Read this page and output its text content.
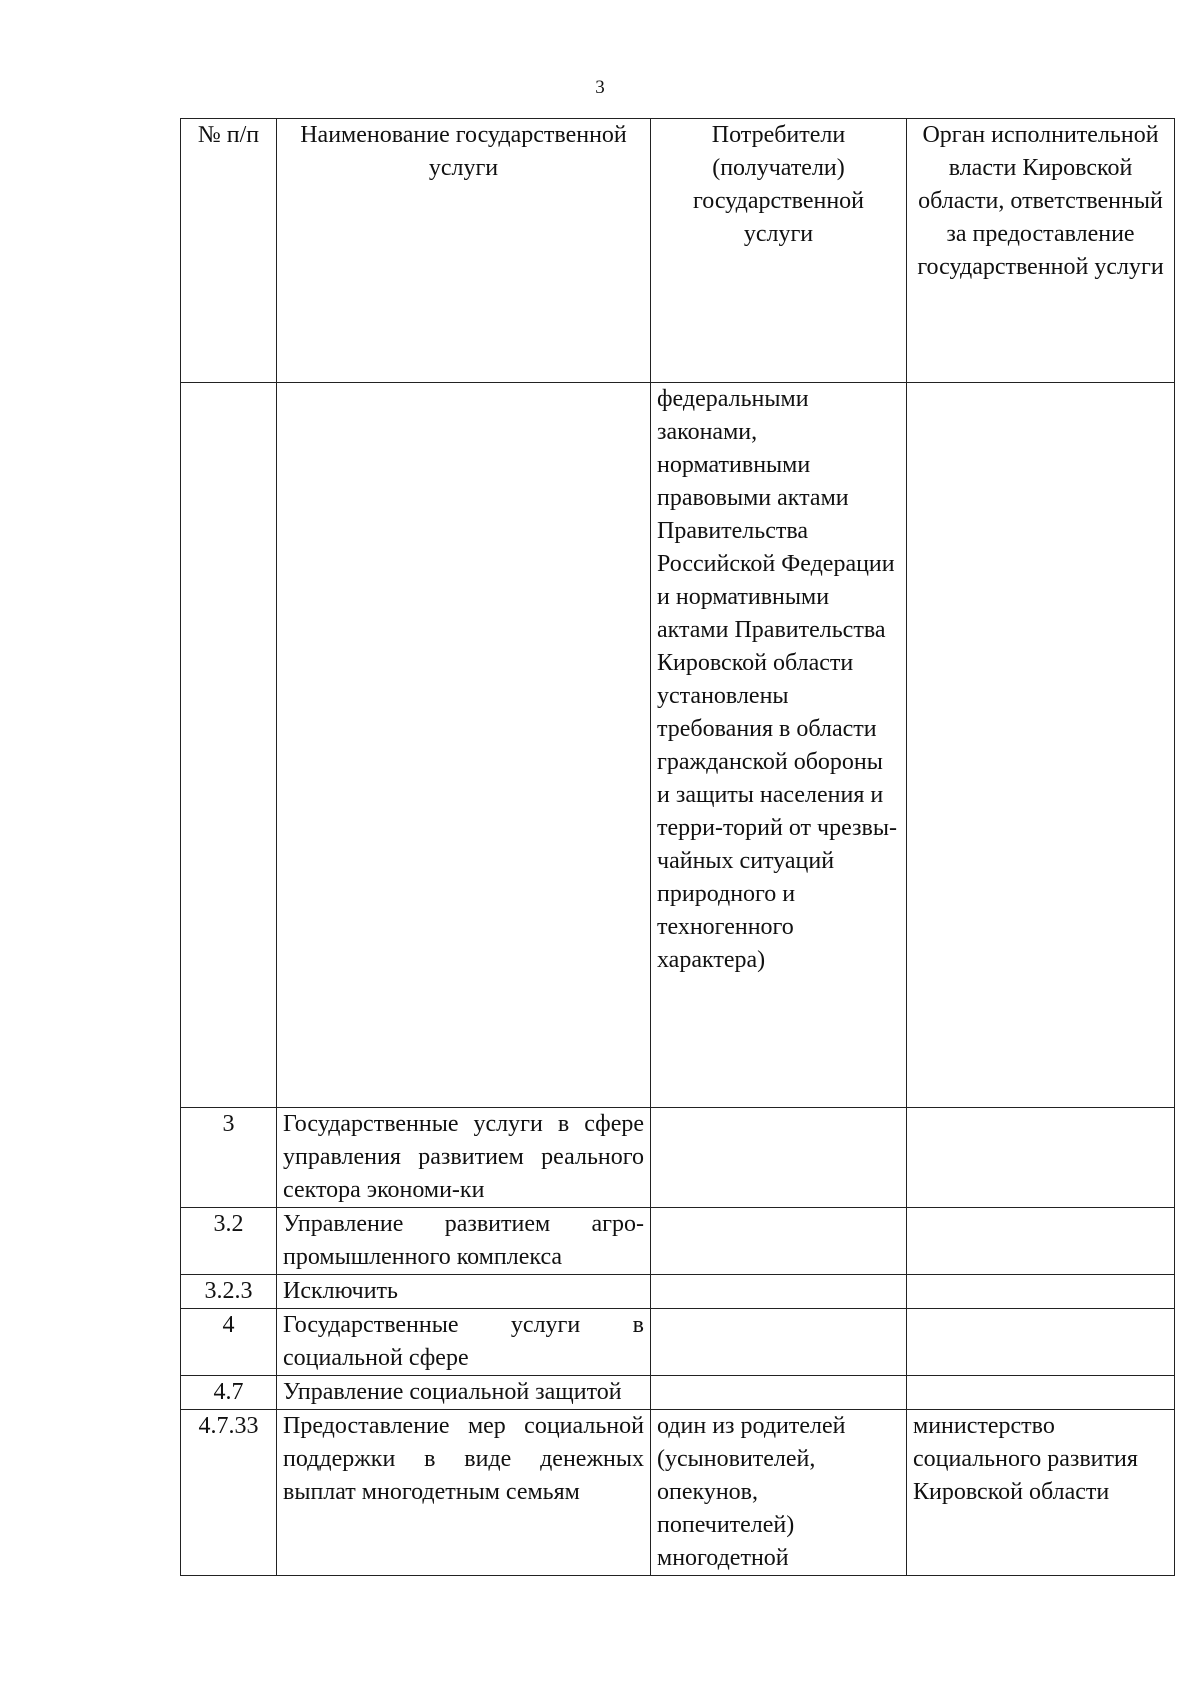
3
№ п/п	Наименование государственной услуги	Потребители (получатели) государственной услуги	Орган исполнительной власти Кировской области, ответственный за предоставление государственной услуги
		федеральными законами, нормативными правовыми актами Правительства Российской Федерации и нормативными актами Правительства Кировской области установлены требования в области гражданской обороны и защиты населения и терри-торий от чрезвы-чайных ситуаций природного и техногенного характера)	
3	Государственные услуги в сфере управления развитием реального сектора экономи-ки		
3.2	Управление развитием агро-промышленного комплекса		
3.2.3	Исключить		
4	Государственные услуги в социальной сфере		
4.7	Управление социальной защитой		
4.7.33	Предоставление мер социальной поддержки в виде денежных выплат многодетным семьям	один из родителей (усыновителей, опекунов, попечителей) многодетной	министерство социального развития Кировской области
